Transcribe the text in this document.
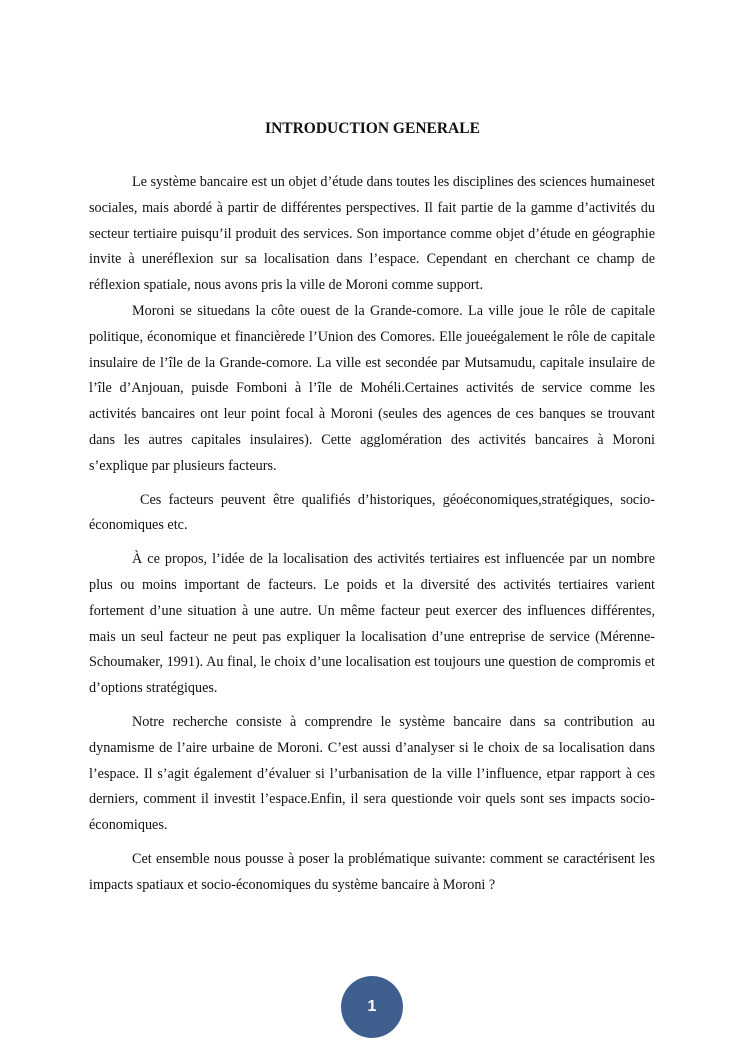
INTRODUCTION GENERALE

Le système bancaire est un objet d’étude dans toutes les disciplines des sciences humaineset sociales, mais abordé à partir de différentes perspectives. Il fait partie de la gamme d’activités du secteur tertiaire puisqu’il produit des services. Son importance comme objet d’étude en géographie invite à uneréflexion sur sa localisation dans l’espace. Cependant en cherchant ce champ de réflexion spatiale, nous avons pris la ville de Moroni comme support.

Moroni se situedans la côte ouest de la Grande-comore. La ville joue le rôle de capitale politique, économique et financièrede l’Union des Comores. Elle joueégalement le rôle de capitale insulaire de l’île de la Grande-comore. La ville est secondée par Mutsamudu, capitale insulaire de l’île d’Anjouan, puisde Fomboni à l’île de Mohéli.Certaines activités de service comme les activités bancaires ont leur point focal à Moroni (seules des agences de ces banques se trouvant dans les autres capitales insulaires). Cette agglomération des activités bancaires à Moroni s’explique par plusieurs facteurs.

Ces facteurs peuvent être qualifiés d’historiques, géoéconomiques,stratégiques, socio-économiques etc.

À ce propos, l’idée de la localisation des activités tertiaires est influencée par un nombre plus ou moins important de facteurs. Le poids et la diversité des activités tertiaires varient fortement d’une situation à une autre. Un même facteur peut exercer des influences différentes, mais un seul facteur ne peut pas expliquer la localisation d’une entreprise de service (Mérenne-Schoumaker, 1991). Au final, le choix d’une localisation est toujours une question de compromis et d’options stratégiques.

Notre recherche consiste à comprendre le système bancaire dans sa contribution au dynamisme de l’aire urbaine de Moroni. C’est aussi d’analyser si le choix de sa localisation dans l’espace. Il s’agit également d’évaluer si l’urbanisation de la ville l’influence, etpar rapport à ces derniers, comment il investit l’espace.Enfin, il sera questionde voir quels sont ses impacts socio-économiques.

Cet ensemble nous pousse à poser la problématique suivante: comment se caractérisent les impacts spatiaux et socio-économiques du système bancaire à Moroni ?

1
